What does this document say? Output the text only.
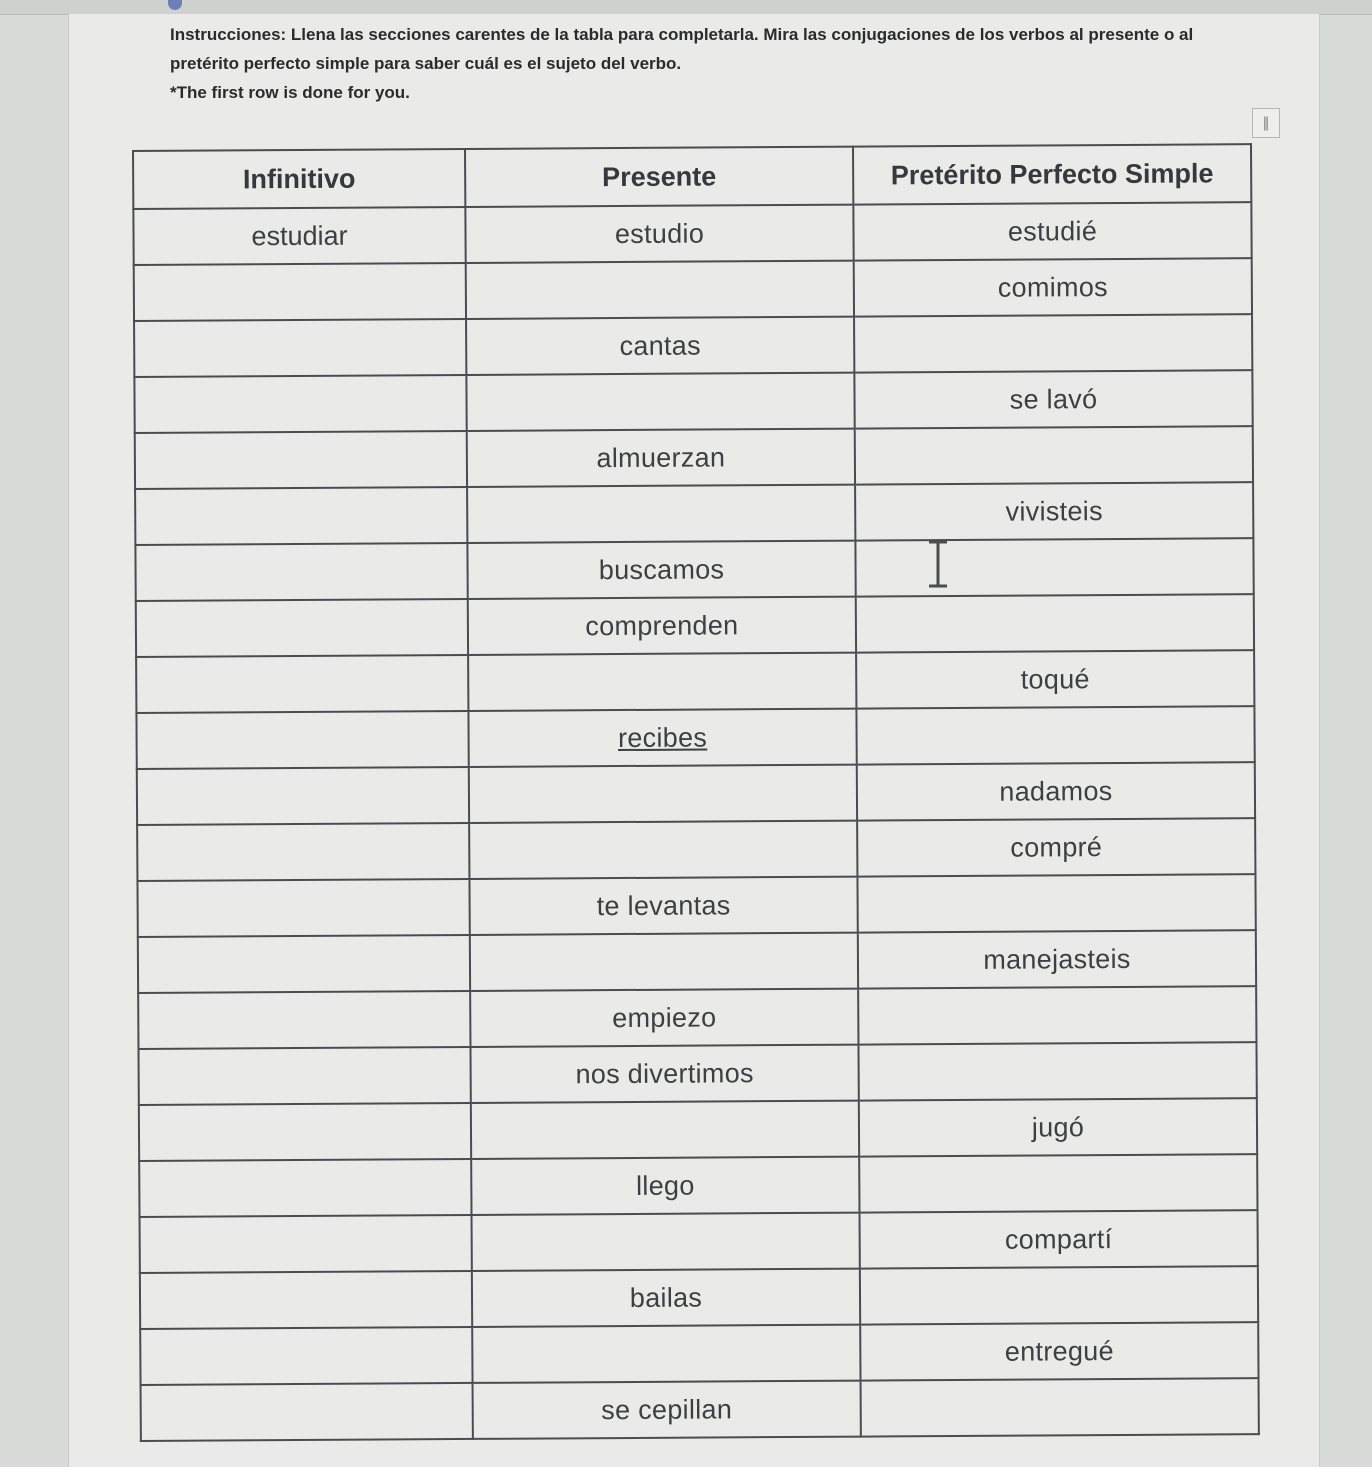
Instrucciones: Llena las secciones carentes de la tabla para completarla. Mira las conjugaciones de los verbos al presente o al pretérito perfecto simple para saber cuál es el sujeto del verbo.

*The first row is done for you.

‖
Infinitivo	Presente	Pretérito Perfecto Simple
estudiar	estudio	estudié
		comimos
	cantas	
		se lavó
	almuerzan	
		vivisteis
	buscamos	
	comprenden	
		toqué
	recibes	
		nadamos
		compré
	te levantas	
		manejasteis
	empiezo	
	nos divertimos	
		jugó
	llego	
		compartí
	bailas	
		entregué
	se cepillan	
